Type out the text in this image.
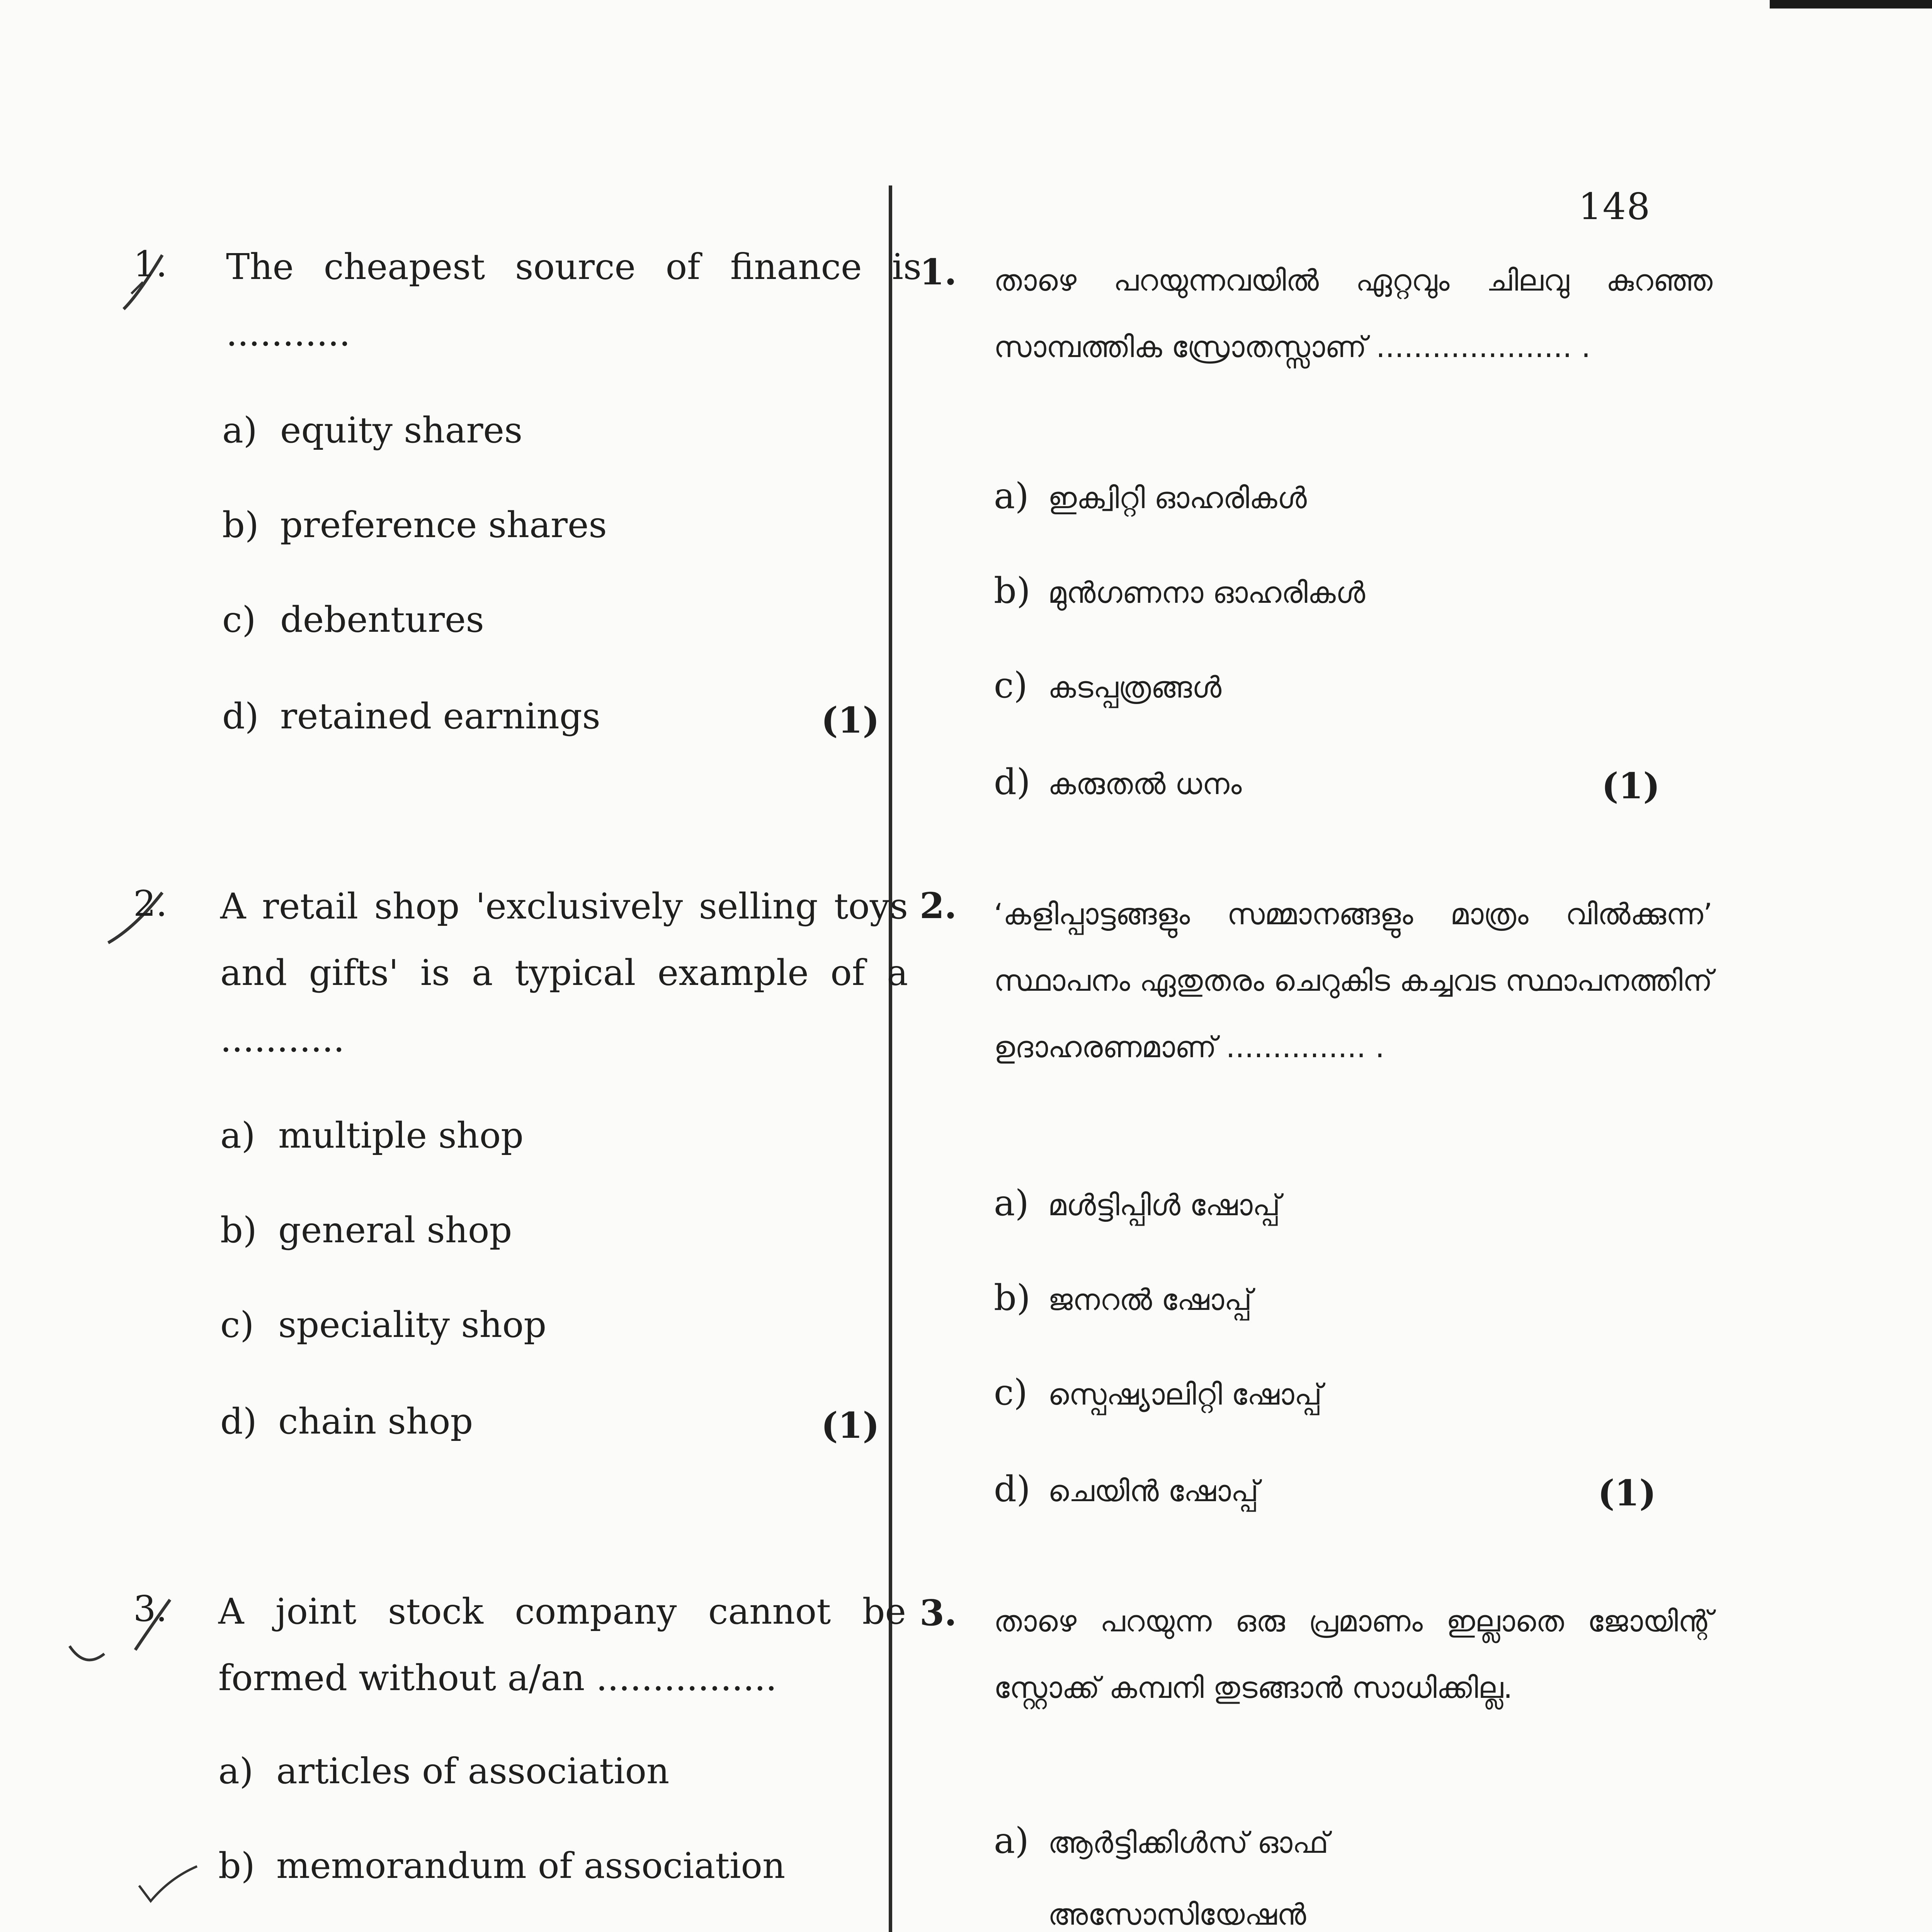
148
1. The cheapest source of finance is ...........
a) equity shares
b) preference shares
c) debentures
d) retained earnings	(1)
2. A retail shop 'exclusively selling toys and gifts' is a typical example of a ...........
a) multiple shop
b) general shop
c) speciality shop
d) chain shop	(1)
3. A joint stock company cannot be formed without a/an ................
a) articles of association
b) memorandum of association
1. താഴെ പറയുന്നവയിൽ ഏറ്റവും ചിലവു കുറഞ്ഞ സാമ്പത്തിക സ്രോതസ്സാണ് ..................... .
a) ഇക്വിറ്റി ഓഹരികൾ
b) മുൻഗണനാ ഓഹരികൾ
c) കടപ്പത്രങ്ങൾ
d) കരുതൽ ധനം	(1)
2. ‘കളിപ്പാട്ടങ്ങളും സമ്മാനങ്ങളും മാത്രം വിൽക്കുന്ന’ സ്ഥാപനം ഏതുതരം ചെറുകിട കച്ചവട സ്ഥാപനത്തിന് ഉദാഹരണമാണ് ............... .
a) മൾട്ടിപ്പിൾ ഷോപ്പ്
b) ജനറൽ ഷോപ്പ്
c) സ്പെഷ്യാലിറ്റി ഷോപ്പ്
d) ചെയിൻ ഷോപ്പ്	(1)
3. താഴെ പറയുന്ന ഒരു പ്രമാണം ഇല്ലാതെ ജോയിന്റ് സ്റ്റോക്ക് കമ്പനി തുടങ്ങാൻ സാധിക്കില്ല.
a) ആർട്ടിക്കിൾസ് ഓഫ്
അസോസിയേഷൻ
